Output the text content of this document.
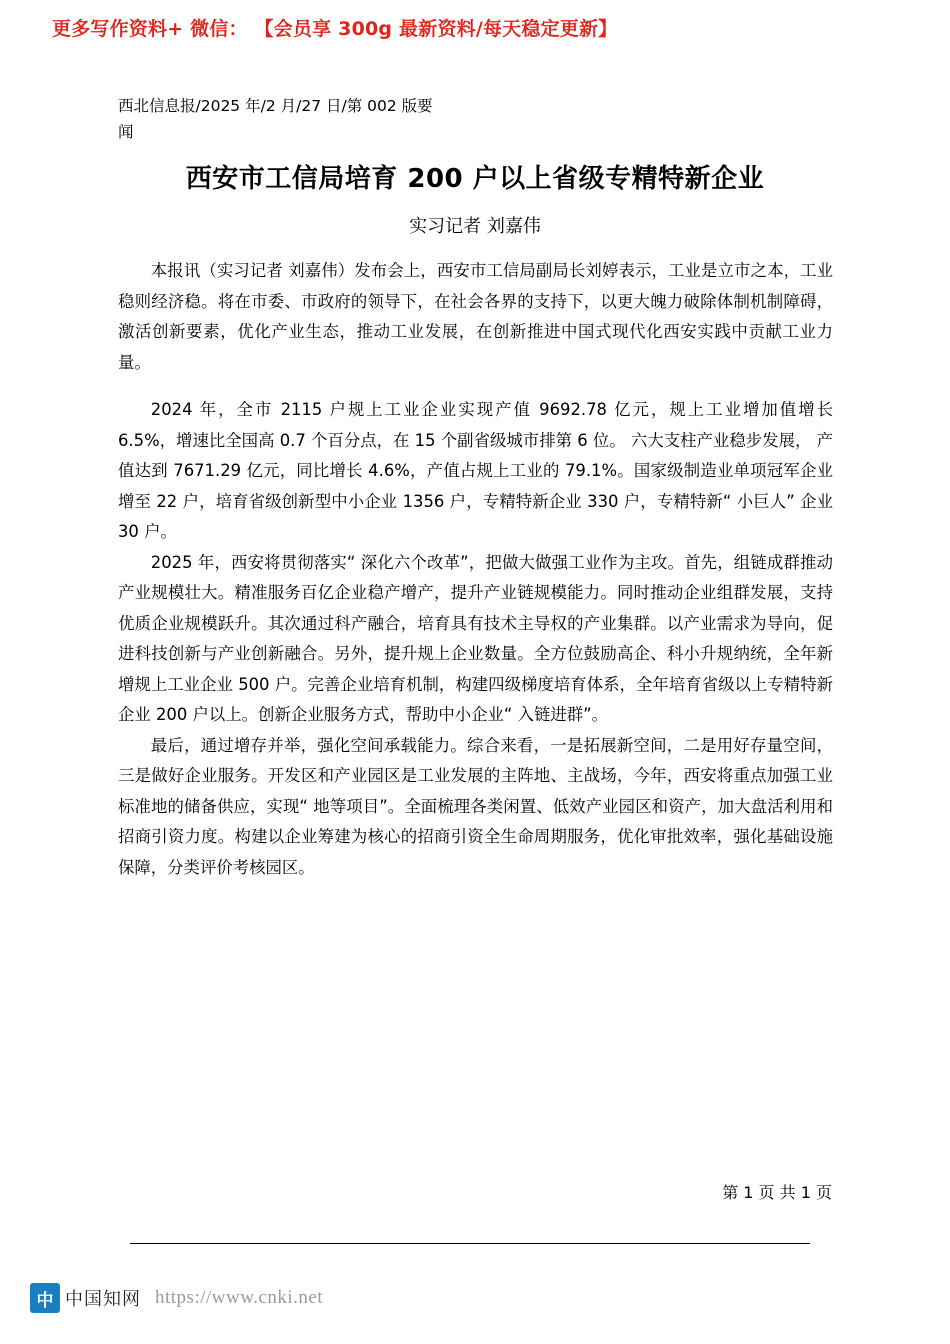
更多写作资料+ 微信： 【会员享 300g 最新资料/每天稳定更新】
西北信息报/2025 年/2 月/27 日/第 002 版要闻
西安市工信局培育 200 户以上省级专精特新企业
实习记者 刘嘉伟

本报讯（实习记者 刘嘉伟）发布会上，西安市工信局副局长刘婷表示，工业是立市之本，工业稳则经济稳。将在市委、市政府的领导下，在社会各界的支持下，以更大魄力破除体制机制障碍，激活创新要素，优化产业生态，推动工业发展，在创新推进中国式现代化西安实践中贡献工业力量。

2024 年，全市 2115 户规上工业企业实现产值 9692.78 亿元，规上工业增加值增长 6.5%，增速比全国高 0.7 个百分点，在 15 个副省级城市排第 6 位。 六大支柱产业稳步发展， 产值达到 7671.29 亿元，同比增长 4.6%，产值占规上工业的 79.1%。国家级制造业单项冠军企业增至 22 户，培育省级创新型中小企业 1356 户，专精特新企业 330 户，专精特新“ 小巨人” 企业 30 户。

2025 年，西安将贯彻落实“ 深化六个改革”，把做大做强工业作为主攻。首先，组链成群推动产业规模壮大。精准服务百亿企业稳产增产，提升产业链规模能力。同时推动企业组群发展，支持优质企业规模跃升。其次通过科产融合，培育具有技术主导权的产业集群。以产业需求为导向，促进科技创新与产业创新融合。另外，提升规上企业数量。全方位鼓励高企、科小升规纳统，全年新增规上工业企业 500 户。完善企业培育机制，构建四级梯度培育体系，全年培育省级以上专精特新企业 200 户以上。创新企业服务方式，帮助中小企业“ 入链进群”。

最后，通过增存并举，强化空间承载能力。综合来看，一是拓展新空间，二是用好存量空间，三是做好企业服务。开发区和产业园区是工业发展的主阵地、主战场，今年，西安将重点加强工业标准地的储备供应，实现“ 地等项目”。全面梳理各类闲置、低效产业园区和资产，加大盘活利用和招商引资力度。构建以企业筹建为核心的招商引资全生命周期服务，优化审批效率，强化基础设施保障，分类评价考核园区。

第 1 页 共 1 页
中 中国知网 https://www.cnki.net
